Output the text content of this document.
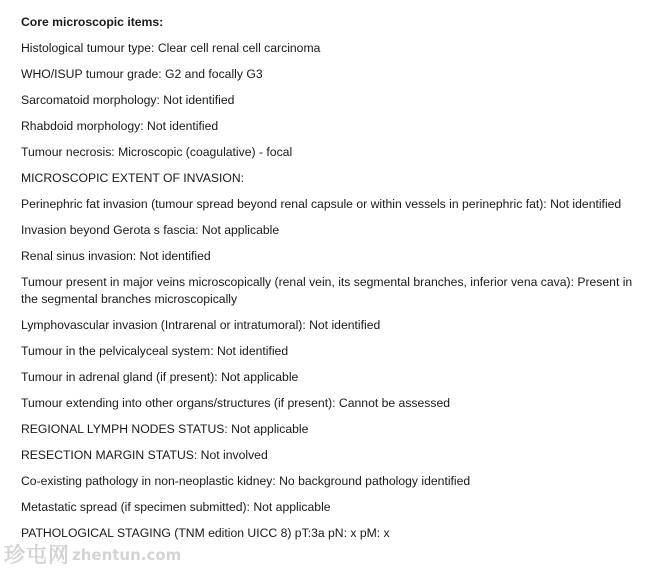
Core microscopic items:
Histological tumour type: Clear cell renal cell carcinoma
WHO/ISUP tumour grade: G2 and focally G3
Sarcomatoid morphology: Not identified
Rhabdoid morphology: Not identified
Tumour necrosis: Microscopic (coagulative) - focal
MICROSCOPIC EXTENT OF INVASION:
Perinephric fat invasion (tumour spread beyond renal capsule or within vessels in perinephric fat): Not identified
Invasion beyond Gerota s fascia: Not applicable
Renal sinus invasion: Not identified
Tumour present in major veins microscopically (renal vein, its segmental branches, inferior vena cava): Present in the segmental branches microscopically
Lymphovascular invasion (Intrarenal or intratumoral): Not identified
Tumour in the pelvicalyceal system: Not identified
Tumour in adrenal gland (if present): Not applicable
Tumour extending into other organs/structures (if present): Cannot be assessed
REGIONAL LYMPH NODES STATUS: Not applicable
RESECTION MARGIN STATUS: Not involved
Co-existing pathology in non-neoplastic kidney: No background pathology identified
Metastatic spread (if specimen submitted): Not applicable
PATHOLOGICAL STAGING (TNM edition UICC 8) pT:3a pN: x pM: x
珍屯网 zhentun.com
